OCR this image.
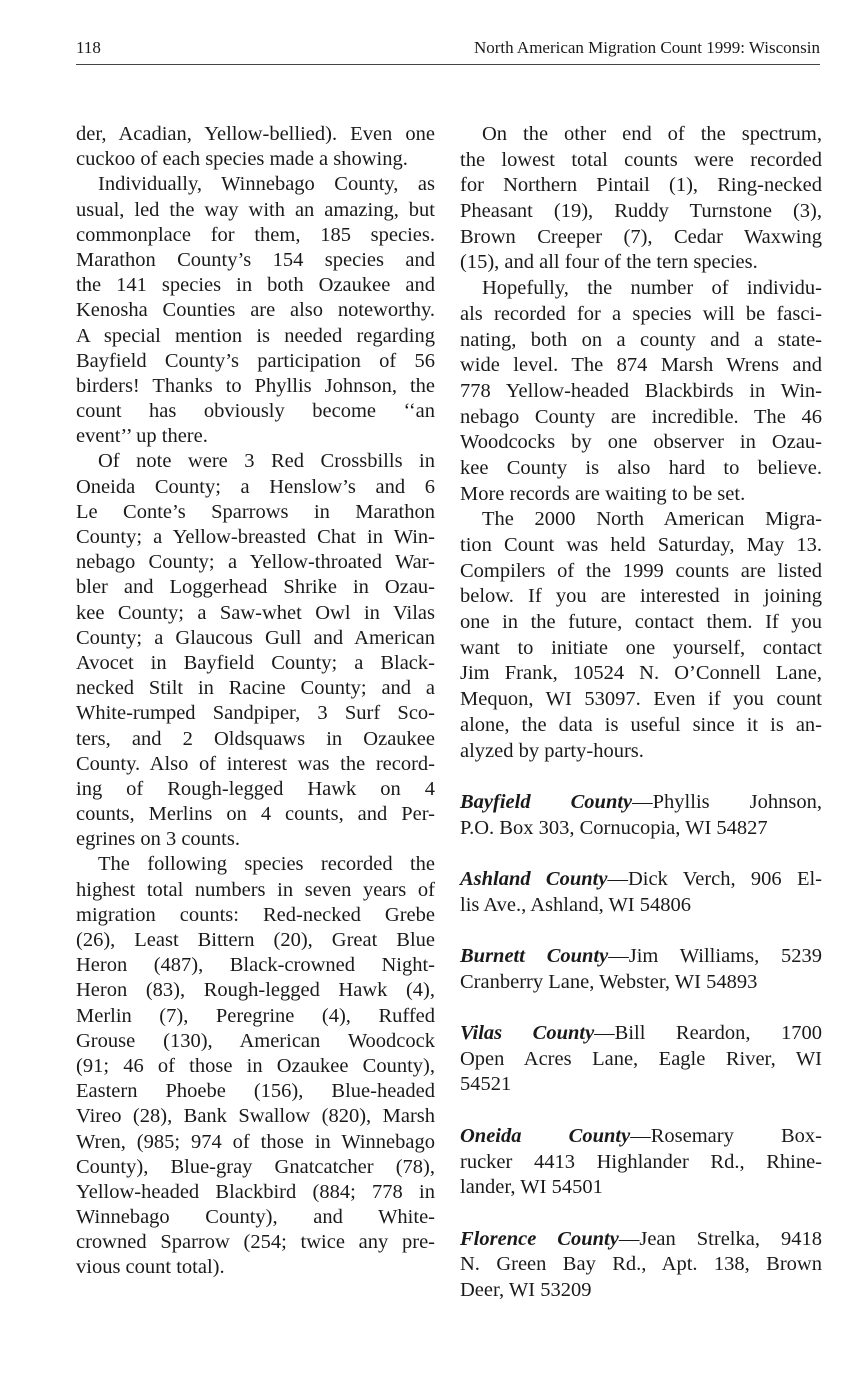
118	North American Migration Count 1999: Wisconsin
der, Acadian, Yellow-bellied). Even one
cuckoo of each species made a showing.
Individually, Winnebago County, as
usual, led the way with an amazing, but
commonplace for them, 185 species.
Marathon County’s 154 species and
the 141 species in both Ozaukee and
Kenosha Counties are also noteworthy.
A special mention is needed regarding
Bayfield County’s participation of 56
birders! Thanks to Phyllis Johnson, the
count has obviously become ‘‘an
event’’ up there.
Of note were 3 Red Crossbills in
Oneida County; a Henslow’s and 6
Le Conte’s Sparrows in Marathon
County; a Yellow-breasted Chat in Win-
nebago County; a Yellow-throated War-
bler and Loggerhead Shrike in Ozau-
kee County; a Saw-whet Owl in Vilas
County; a Glaucous Gull and American
Avocet in Bayfield County; a Black-
necked Stilt in Racine County; and a
White-rumped Sandpiper, 3 Surf Sco-
ters, and 2 Oldsquaws in Ozaukee
County. Also of interest was the record-
ing of Rough-legged Hawk on 4
counts, Merlins on 4 counts, and Per-
egrines on 3 counts.
The following species recorded the
highest total numbers in seven years of
migration counts: Red-necked Grebe
(26), Least Bittern (20), Great Blue
Heron (487), Black-crowned Night-
Heron (83), Rough-legged Hawk (4),
Merlin (7), Peregrine (4), Ruffed
Grouse (130), American Woodcock
(91; 46 of those in Ozaukee County),
Eastern Phoebe (156), Blue-headed
Vireo (28), Bank Swallow (820), Marsh
Wren, (985; 974 of those in Winnebago
County), Blue-gray Gnatcatcher (78),
Yellow-headed Blackbird (884; 778 in
Winnebago County), and White-
crowned Sparrow (254; twice any pre-
vious count total).
On the other end of the spectrum,
the lowest total counts were recorded
for Northern Pintail (1), Ring-necked
Pheasant (19), Ruddy Turnstone (3),
Brown Creeper (7), Cedar Waxwing
(15), and all four of the tern species.
Hopefully, the number of individu-
als recorded for a species will be fasci-
nating, both on a county and a state-
wide level. The 874 Marsh Wrens and
778 Yellow-headed Blackbirds in Win-
nebago County are incredible. The 46
Woodcocks by one observer in Ozau-
kee County is also hard to believe.
More records are waiting to be set.
The 2000 North American Migra-
tion Count was held Saturday, May 13.
Compilers of the 1999 counts are listed
below. If you are interested in joining
one in the future, contact them. If you
want to initiate one yourself, contact
Jim Frank, 10524 N. O’Connell Lane,
Mequon, WI 53097. Even if you count
alone, the data is useful since it is an-
alyzed by party-hours.
Bayfield County—Phyllis Johnson,
P.O. Box 303, Cornucopia, WI 54827
Ashland County—Dick Verch, 906 El-
lis Ave., Ashland, WI 54806
Burnett County—Jim Williams, 5239
Cranberry Lane, Webster, WI 54893
Vilas County—Bill Reardon, 1700
Open Acres Lane, Eagle River, WI
54521
Oneida County—Rosemary Box-
rucker 4413 Highlander Rd., Rhine-
lander, WI 54501
Florence County—Jean Strelka, 9418
N. Green Bay Rd., Apt. 138, Brown
Deer, WI 53209
